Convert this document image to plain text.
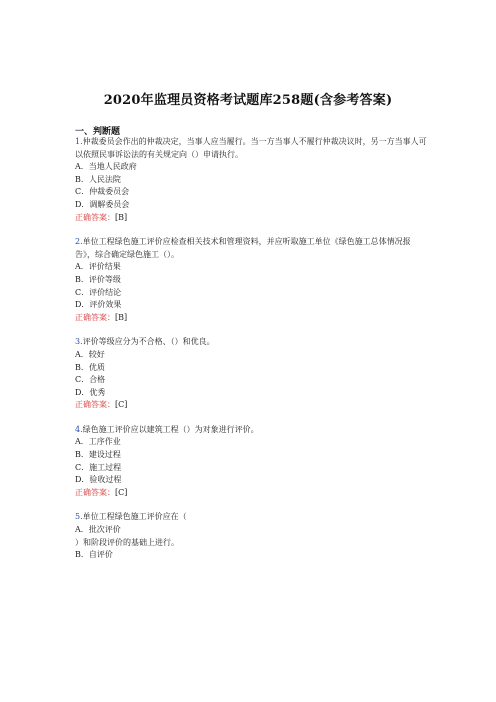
2020年监理员资格考试题库258题(含参考答案)
一、判断题

1.仲裁委员会作出的仲裁决定，当事人应当履行。当一方当事人不履行仲裁决议时，另一方当事人可以依照民事诉讼法的有关规定向（）申请执行。

A．当地人民政府

B．人民法院

C．仲裁委员会

D．调解委员会

正确答案：[B]

2.单位工程绿色施工评价应检查相关技术和管理资料，并应听取施工单位《绿色施工总体情况报告》，综合确定绿色施工（）。

A．评价结果

B．评价等级

C．评价结论

D．评价效果

正确答案：[B]

3.评价等级应分为不合格、（）和优良。

A．较好

B．优质

C．合格

D．优秀

正确答案：[C]

4.绿色施工评价应以建筑工程（）为对象进行评价。

A．工序作业

B．建设过程

C．施工过程

D．验收过程

正确答案：[C]

5.单位工程绿色施工评价应在（

A．批次评价

）和阶段评价的基础上进行。

B．自评价
